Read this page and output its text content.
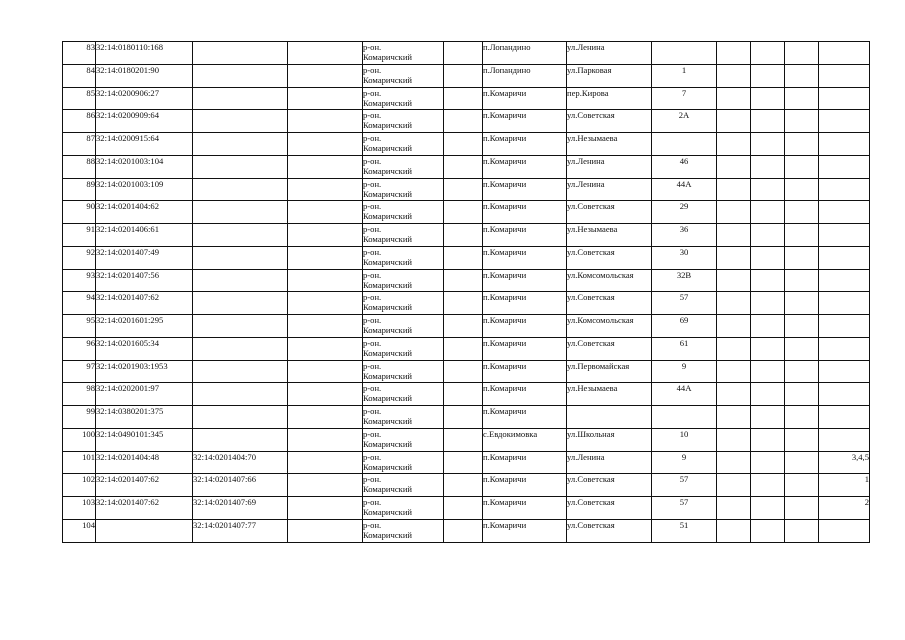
83	32:14:0180110:168			р-он.
Комаричский		п.Лопандино	ул.Ленина					
84	32:14:0180201:90			р-он.
Комаричский		п.Лопандино	ул.Парковая	1				
85	32:14:0200906:27			р-он.
Комаричский		п.Комаричи	пер.Кирова	7				
86	32:14:0200909:64			р-он.
Комаричский		п.Комаричи	ул.Советская	2А				
87	32:14:0200915:64			р-он.
Комаричский		п.Комаричи	ул.Незымаева					
88	32:14:0201003:104			р-он.
Комаричский		п.Комаричи	ул.Ленина	46				
89	32:14:0201003:109			р-он.
Комаричский		п.Комаричи	ул.Ленина	44А				
90	32:14:0201404:62			р-он.
Комаричский		п.Комаричи	ул.Советская	29				
91	32:14:0201406:61			р-он.
Комаричский		п.Комаричи	ул.Незымаева	36				
92	32:14:0201407:49			р-он.
Комаричский		п.Комаричи	ул.Советская	30				
93	32:14:0201407:56			р-он.
Комаричский		п.Комаричи	ул.Комсомольская	32В				
94	32:14:0201407:62			р-он.
Комаричский		п.Комаричи	ул.Советская	57				
95	32:14:0201601:295			р-он.
Комаричский		п.Комаричи	ул.Комсомольская	69				
96	32:14:0201605:34			р-он.
Комаричский		п.Комаричи	ул.Советская	61				
97	32:14:0201903:1953			р-он.
Комаричский		п.Комаричи	ул.Первомайская	9				
98	32:14:0202001:97			р-он.
Комаричский		п.Комаричи	ул.Незымаева	44А				
99	32:14:0380201:375			р-он.
Комаричский		п.Комаричи						
100	32:14:0490101:345			р-он.
Комаричский		с.Евдокимовка	ул.Школьная	10				
101	32:14:0201404:48	32:14:0201404:70		р-он.
Комаричский		п.Комаричи	ул.Ленина	9				3,4,5
102	32:14:0201407:62	32:14:0201407:66		р-он.
Комаричский		п.Комаричи	ул.Советская	57				1
103	32:14:0201407:62	32:14:0201407:69		р-он.
Комаричский		п.Комаричи	ул.Советская	57				2
104		32:14:0201407:77		р-он.
Комаричский		п.Комаричи	ул.Советская	51				
